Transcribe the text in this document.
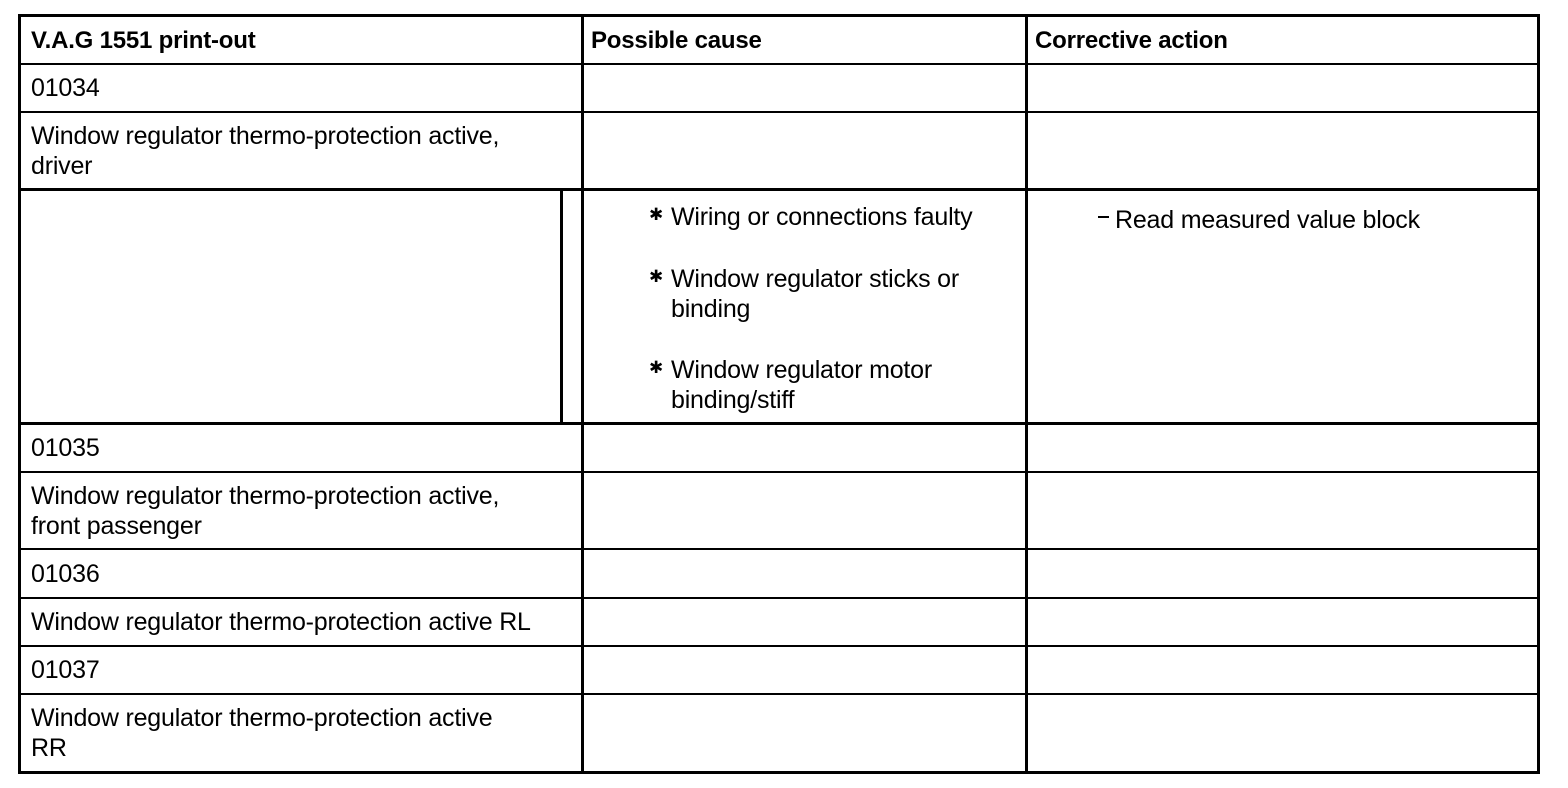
V.A.G 1551 print-out	Possible cause	Corrective action
01034
Window regulator thermo-protection active,
driver
✱ Wiring or connections faulty
✱ Window regulator sticks or
binding
✱ Window regulator motor
binding/stiff
Read measured value block
01035
Window regulator thermo-protection active,
front passenger
01036
Window regulator thermo-protection active RL
01037
Window regulator thermo-protection active
RR
